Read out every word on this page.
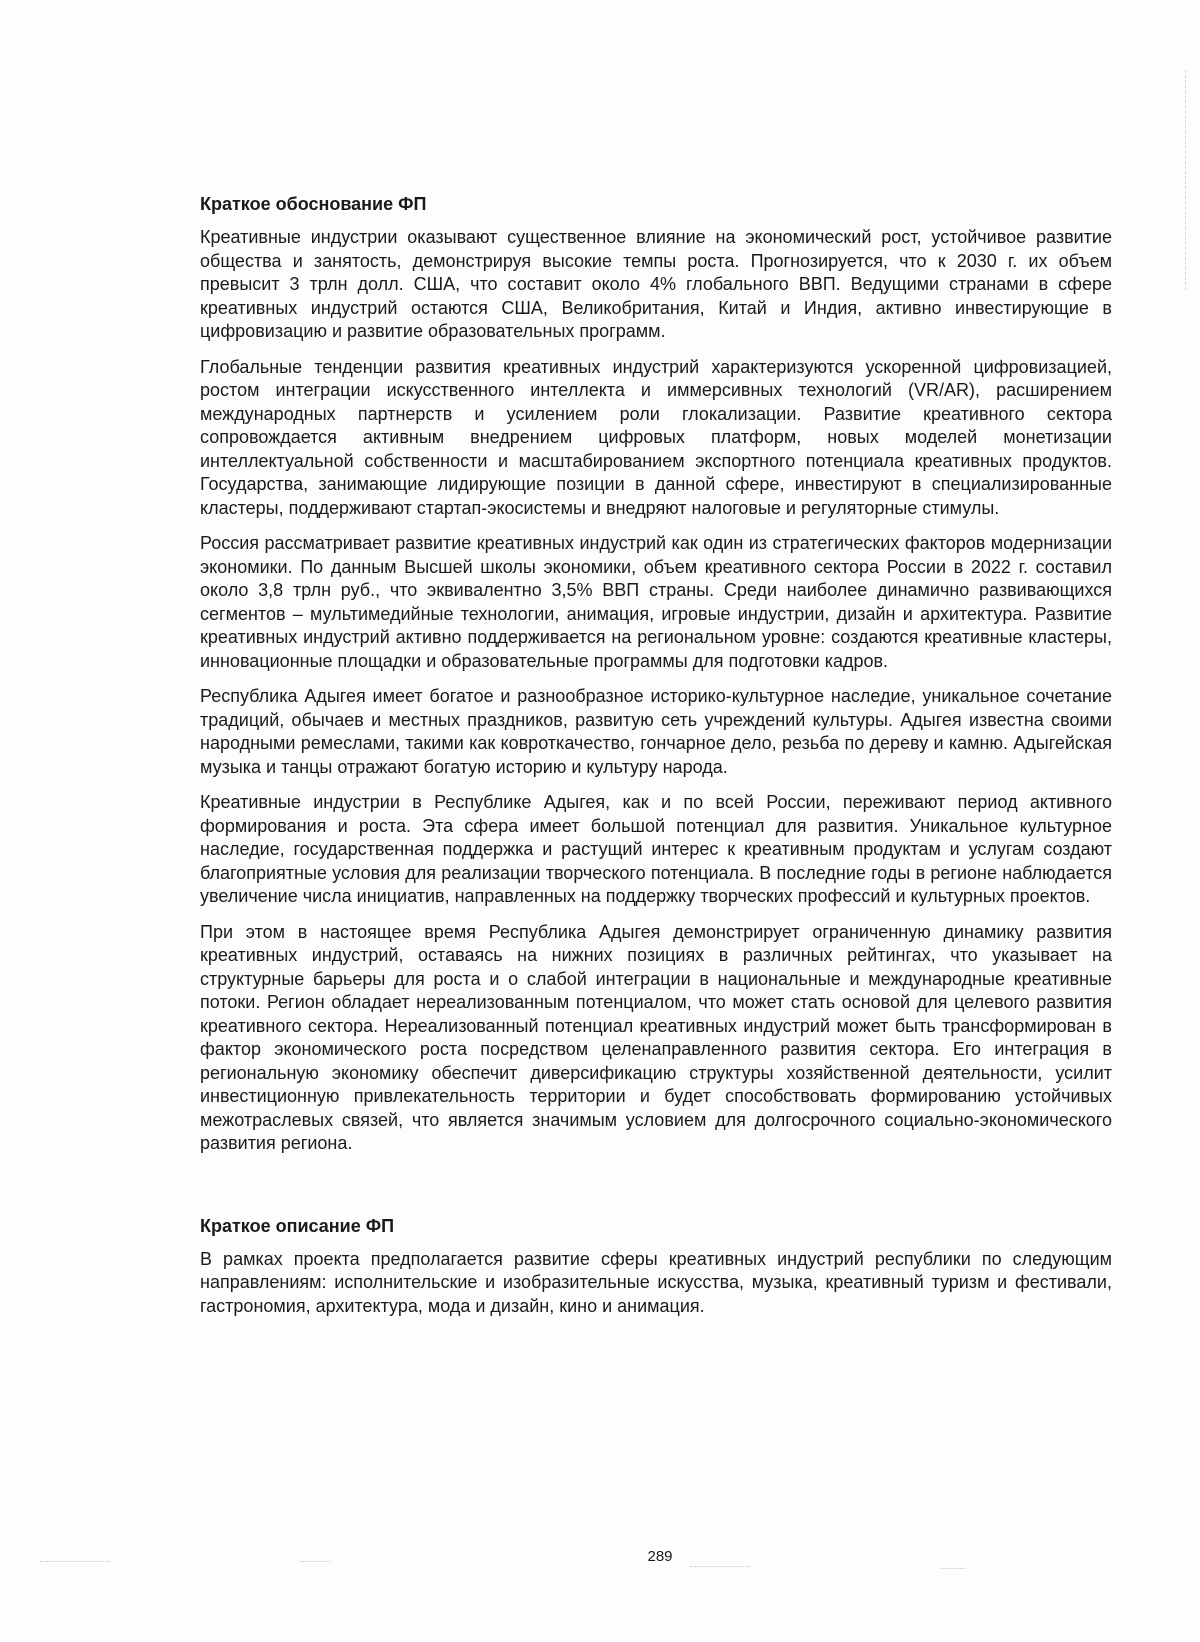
Краткое обоснование ФП

Креативные индустрии оказывают существенное влияние на экономический рост, устойчивое развитие общества и занятость, демонстрируя высокие темпы роста. Прогнозируется, что к 2030 г. их объем превысит 3 трлн долл. США, что составит около 4% глобального ВВП. Ведущими странами в сфере креативных индустрий остаются США, Великобритания, Китай и Индия, активно инвестирующие в цифровизацию и развитие образовательных программ.

Глобальные тенденции развития креативных индустрий характеризуются ускоренной цифровизацией, ростом интеграции искусственного интеллекта и иммерсивных технологий (VR/AR), расширением международных партнерств и усилением роли глокализации. Развитие креативного сектора сопровождается активным внедрением цифровых платформ, новых моделей монетизации интеллектуальной собственности и масштабированием экспортного потенциала креативных продуктов. Государства, занимающие лидирующие позиции в данной сфере, инвестируют в специализированные кластеры, поддерживают стартап-экосистемы и внедряют налоговые и регуляторные стимулы.

Россия рассматривает развитие креативных индустрий как один из стратегических факторов модернизации экономики. По данным Высшей школы экономики, объем креативного сектора России в 2022 г. составил около 3,8 трлн руб., что эквивалентно 3,5% ВВП страны. Среди наиболее динамично развивающихся сегментов – мультимедийные технологии, анимация, игровые индустрии, дизайн и архитектура. Развитие креативных индустрий активно поддерживается на региональном уровне: создаются креативные кластеры, инновационные площадки и образовательные программы для подготовки кадров.

Республика Адыгея имеет богатое и разнообразное историко-культурное наследие, уникальное сочетание традиций, обычаев и местных праздников, развитую сеть учреждений культуры. Адыгея известна своими народными ремеслами, такими как ковроткачество, гончарное дело, резьба по дереву и камню. Адыгейская музыка и танцы отражают богатую историю и культуру народа.

Креативные индустрии в Республике Адыгея, как и по всей России, переживают период активного формирования и роста. Эта сфера имеет большой потенциал для развития. Уникальное культурное наследие, государственная поддержка и растущий интерес к креативным продуктам и услугам создают благоприятные условия для реализации творческого потенциала. В последние годы в регионе наблюдается увеличение числа инициатив, направленных на поддержку творческих профессий и культурных проектов.

При этом в настоящее время Республика Адыгея демонстрирует ограниченную динамику развития креативных индустрий, оставаясь на нижних позициях в различных рейтингах, что указывает на структурные барьеры для роста и о слабой интеграции в национальные и международные креативные потоки. Регион обладает нереализованным потенциалом, что может стать основой для целевого развития креативного сектора. Нереализованный потенциал креативных индустрий может быть трансформирован в фактор экономического роста посредством целенаправленного развития сектора. Его интеграция в региональную экономику обеспечит диверсификацию структуры хозяйственной деятельности, усилит инвестиционную привлекательность территории и будет способствовать формированию устойчивых межотраслевых связей, что является значимым условием для долгосрочного социально-экономического развития региона.

Краткое описание ФП

В рамках проекта предполагается развитие сферы креативных индустрий республики по следующим направлениям: исполнительские и изобразительные искусства, музыка, креативный туризм и фестивали, гастрономия, архитектура, мода и дизайн, кино и анимация.

289
